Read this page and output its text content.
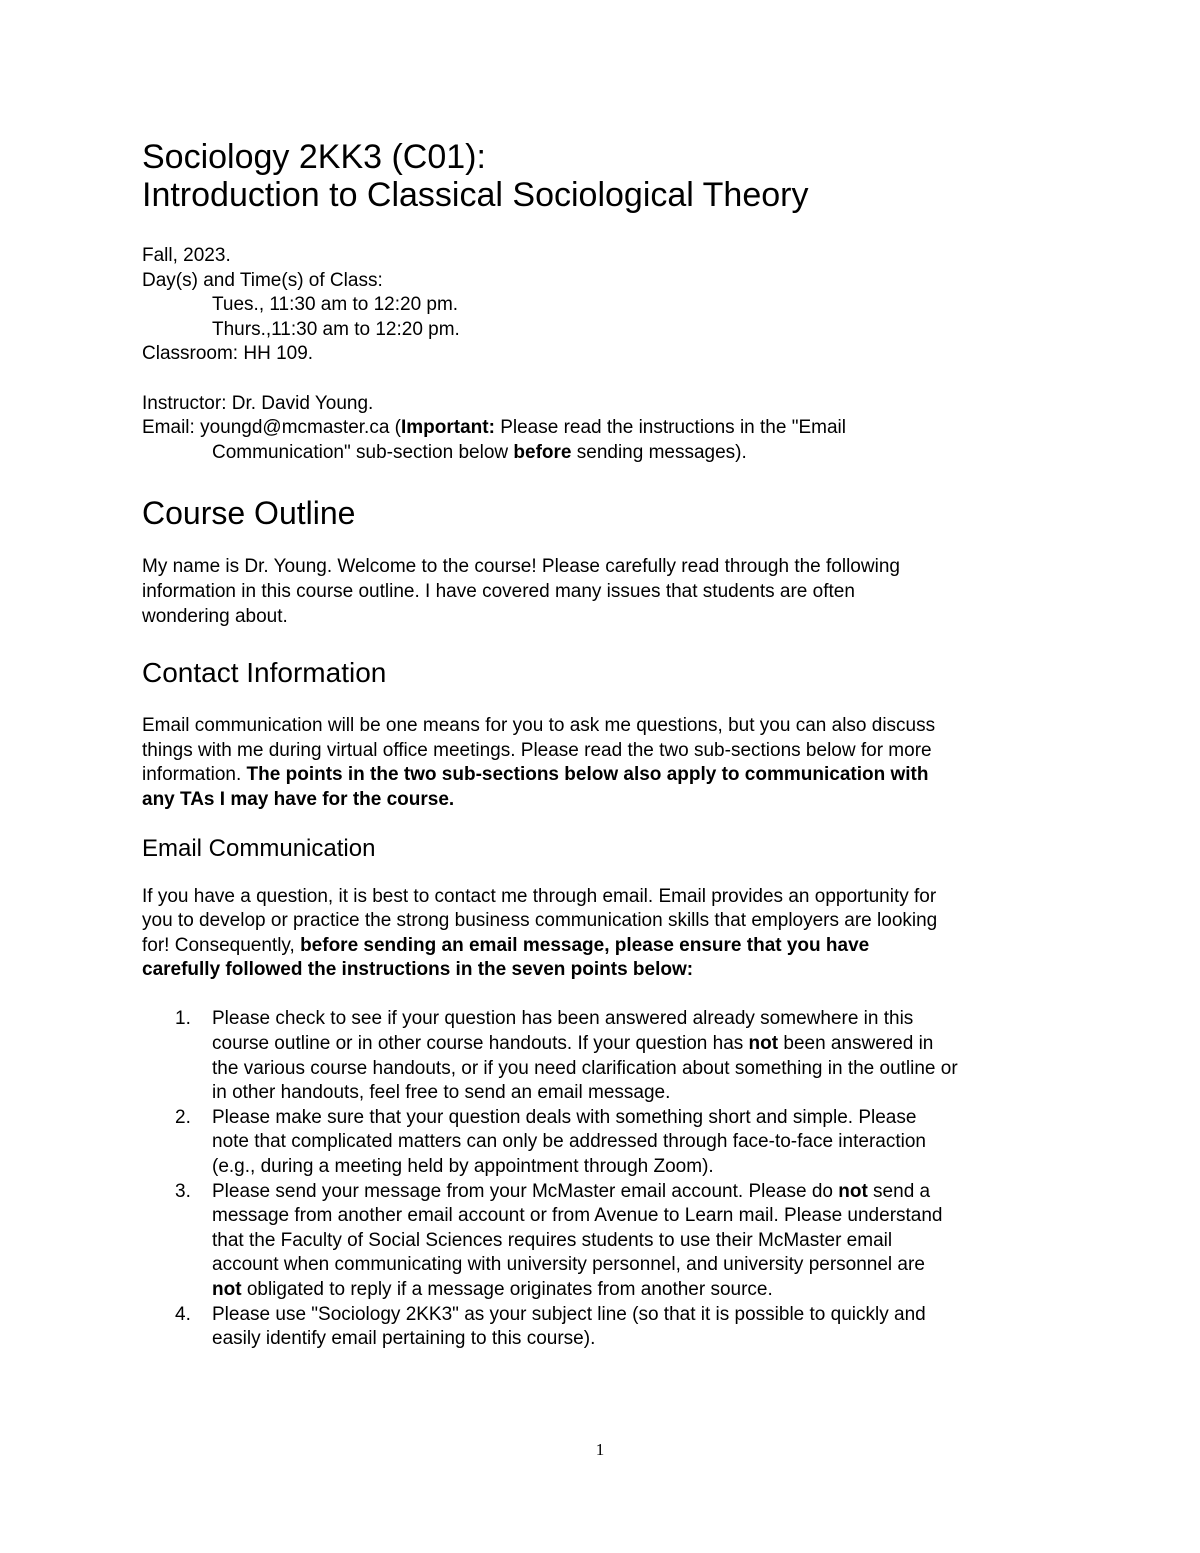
Sociology 2KK3 (C01):
Introduction to Classical Sociological Theory

Fall, 2023.

Day(s) and Time(s) of Class:

Tues., 11:30 am to 12:20 pm.

Thurs.,11:30 am to 12:20 pm.

Classroom: HH 109.

Instructor: Dr. David Young.

Email: youngd@mcmaster.ca (Important: Please read the instructions in the "Email

Communication" sub-section below before sending messages).

Course Outline

My name is Dr. Young. Welcome to the course! Please carefully read through the following

information in this course outline. I have covered many issues that students are often

wondering about.

Contact Information

Email communication will be one means for you to ask me questions, but you can also discuss

things with me during virtual office meetings. Please read the two sub-sections below for more

information. The points in the two sub-sections below also apply to communication with

any TAs I may have for the course.

Email Communication

If you have a question, it is best to contact me through email. Email provides an opportunity for

you to develop or practice the strong business communication skills that employers are looking

for! Consequently, before sending an email message, please ensure that you have

carefully followed the instructions in the seven points below:

1. Please check to see if your question has been answered already somewhere in this

course outline or in other course handouts. If your question has not been answered in

the various course handouts, or if you need clarification about something in the outline or

in other handouts, feel free to send an email message.

2. Please make sure that your question deals with something short and simple. Please

note that complicated matters can only be addressed through face-to-face interaction

(e.g., during a meeting held by appointment through Zoom).

3. Please send your message from your McMaster email account. Please do not send a

message from another email account or from Avenue to Learn mail. Please understand

that the Faculty of Social Sciences requires students to use their McMaster email

account when communicating with university personnel, and university personnel are

not obligated to reply if a message originates from another source.

4. Please use "Sociology 2KK3" as your subject line (so that it is possible to quickly and

easily identify email pertaining to this course).

1
